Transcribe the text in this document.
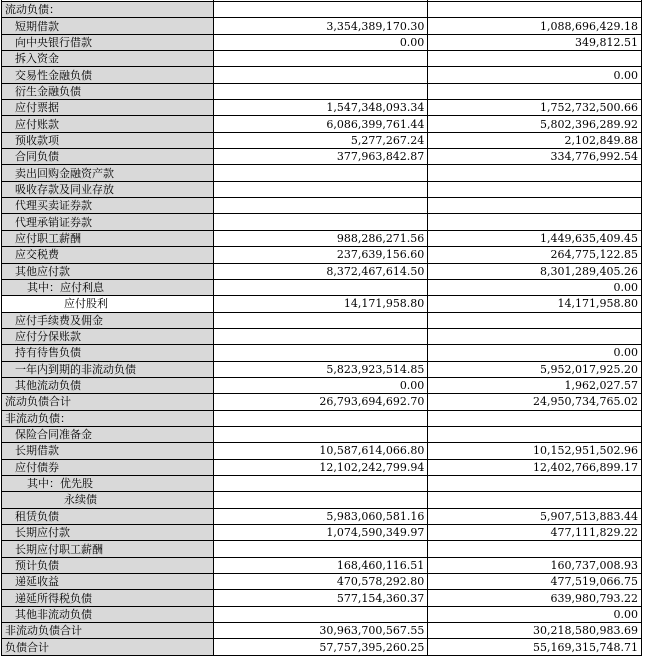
流动负债：			
短期借款		3,354,389,170.30	1,088,696,429.18
向中央银行借款		0.00	349,812.51
拆入资金			
交易性金融负债			0.00
衍生金融负债			
应付票据		1,547,348,093.34	1,752,732,500.66
应付账款		6,086,399,761.44	5,802,396,289.92
预收款项		5,277,267.24	2,102,849.88
合同负债		377,963,842.87	334,776,992.54
卖出回购金融资产款			
吸收存款及同业存放			
代理买卖证券款			
代理承销证券款			
应付职工薪酬		988,286,271.56	1,449,635,409.45
应交税费		237,639,156.60	264,775,122.85
其他应付款		8,372,467,614.50	8,301,289,405.26
其中：应付利息			0.00
应付股利		14,171,958.80	14,171,958.80
应付手续费及佣金			
应付分保账款			
持有待售负债			0.00
一年内到期的非流动负债		5,823,923,514.85	5,952,017,925.20
其他流动负债		0.00	1,962,027.57
流动负债合计		26,793,694,692.70	24,950,734,765.02
非流动负债：			
保险合同准备金			
长期借款		10,587,614,066.80	10,152,951,502.96
应付债券		12,102,242,799.94	12,402,766,899.17
其中：优先股			
永续债			
租赁负债		5,983,060,581.16	5,907,513,883.44
长期应付款		1,074,590,349.97	477,111,829.22
长期应付职工薪酬			
预计负债		168,460,116.51	160,737,008.93
递延收益		470,578,292.80	477,519,066.75
递延所得税负债		577,154,360.37	639,980,793.22
其他非流动负债			0.00
非流动负债合计		30,963,700,567.55	30,218,580,983.69
负债合计		57,757,395,260.25	55,169,315,748.71
